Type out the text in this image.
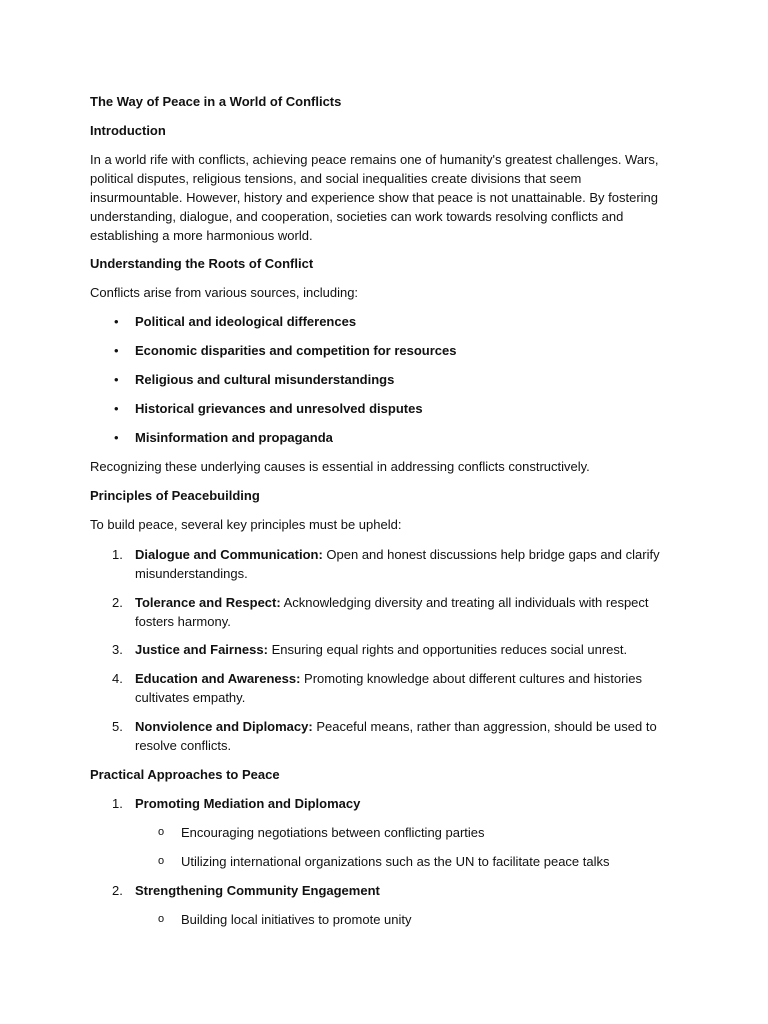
The Way of Peace in a World of Conflicts

Introduction

In a world rife with conflicts, achieving peace remains one of humanity's greatest challenges. Wars, political disputes, religious tensions, and social inequalities create divisions that seem insurmountable. However, history and experience show that peace is not unattainable. By fostering understanding, dialogue, and cooperation, societies can work towards resolving conflicts and establishing a more harmonious world.

Understanding the Roots of Conflict

Conflicts arise from various sources, including:

• Political and ideological differences
• Economic disparities and competition for resources
• Religious and cultural misunderstandings
• Historical grievances and unresolved disputes
• Misinformation and propaganda

Recognizing these underlying causes is essential in addressing conflicts constructively.

Principles of Peacebuilding

To build peace, several key principles must be upheld:

1. Dialogue and Communication: Open and honest discussions help bridge gaps and clarify misunderstandings.
2. Tolerance and Respect: Acknowledging diversity and treating all individuals with respect fosters harmony.
3. Justice and Fairness: Ensuring equal rights and opportunities reduces social unrest.
4. Education and Awareness: Promoting knowledge about different cultures and histories cultivates empathy.
5. Nonviolence and Diplomacy: Peaceful means, rather than aggression, should be used to resolve conflicts.

Practical Approaches to Peace

1. Promoting Mediation and Diplomacy
o Encouraging negotiations between conflicting parties
o Utilizing international organizations such as the UN to facilitate peace talks
2. Strengthening Community Engagement
o Building local initiatives to promote unity
